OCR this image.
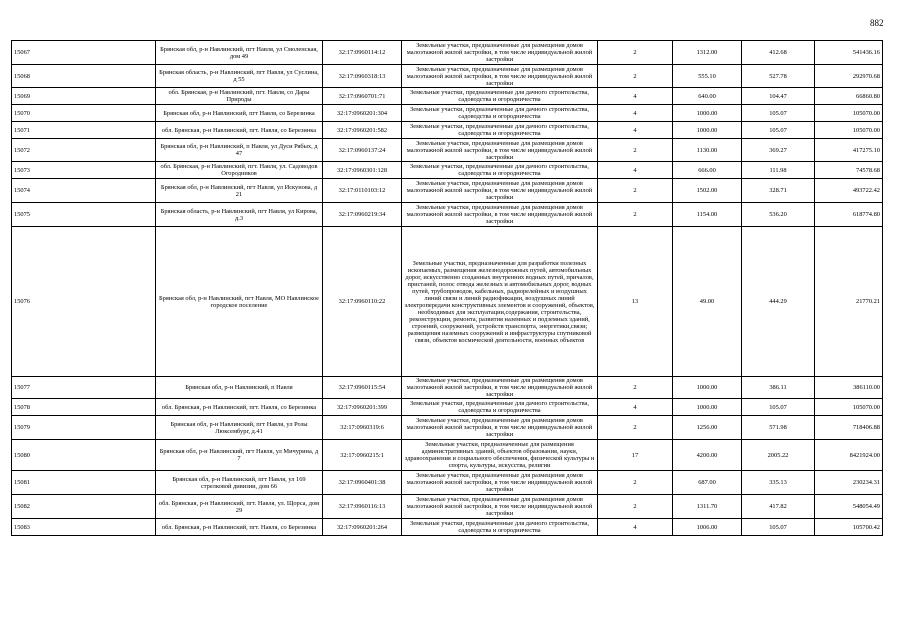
882
15067	Брянская обл, р-н Навлинский, пгт Навля, ул Смоленская, дом 49	32:17:0960114:12	Земельные участки, предназначенные для размещения домов малоэтажной жилой застройки, в том числе индивидуальной жилой застройки	2	1312.00	412.68	541436.16
15068	Брянская область, р-н Навлинский, пгт Навля, ул Суслина, д 55	32:17:0960318:13	Земельные участки, предназначенные для размещения домов малоэтажной жилой застройки, в том числе индивидуальной жилой застройки	2	555.10	527.78	292970.68
15069	обл. Брянская, р-н Навлинский, пгт. Навля, со Дары Природы	32:17:0960701:71	Земельные участки, предназначенные для дачного строительства, садоводства и огородничества	4	640.00	104.47	66860.80
15070	Брянская обл, р-н Навлинский, пгт Навля, со Березинка	32:17:0960201:304	Земельные участки, предназначенные для дачного строительства, садоводства и огородничества	4	1000.00	105.07	105070.00
15071	обл. Брянская, р-н Навлинский, пгт. Навля, со Березинка	32:17:0960201:582	Земельные участки, предназначенные для дачного строительства, садоводства и огородничества	4	1000.00	105.07	105070.00
15072	Брянская обл, р-н Навлинский, п Навля, ул Дуси Рябых, д 47	32:17:0960137:24	Земельные участки, предназначенные для размещения домов малоэтажной жилой застройки, в том числе индивидуальной жилой застройки	2	1130.00	369.27	417275.10
15073	обл. Брянская, р-н Навлинский, пгт. Навля, ул. Садоводов Огородников	32:17:0960301:128	Земельные участки, предназначенные для дачного строительства, садоводства и огородничества	4	666.00	111.98	74578.68
15074	Брянская обл, р-н Навлинский, пгт Навля, ул Искунова, д 21	32:17:0110103:12	Земельные участки, предназначенные для размещения домов малоэтажной жилой застройки, в том числе индивидуальной жилой застройки	2	1502.00	328.71	493722.42
15075	Брянская область, р-н Навлинский, пгт Навля, ул Кирова, д.3	32:17:0960219:34	Земельные участки, предназначенные для размещения домов малоэтажной жилой застройки, в том числе индивидуальной жилой застройки	2	1154.00	536.20	618774.80
15076	Брянская обл, р-н Навлинский, пгт Навля, МО Навлинское городское поселение	32:17:0960110:22	Земельные участки, предназначенные для разработки полезных ископаемых, размещения железнодорожных путей, автомобильных дорог, искусственно созданных внутренних водных путей, причалов, пристаней, полос отвода железных и автомобильных дорог, водных путей, трубопроводов, кабельных, радиорелейных и воздушных линий связи и линий радиофикации, воздушных линий электропередачи конструктивных элементов и сооружений, объектов, необходимых для эксплуатации,содержания, строительства, реконструкции, ремонта, развития наземных и подземных зданий, строений, сооружений, устройств транспорта, энергетики,связи; размещения наземных сооружений и инфраструктуры спутниковой связи, объектов космической деятельности, военных объектов	13	49.00	444.29	21770.21
15077	Брянская обл, р-н Навлинский, п Навля	32:17:0960115:54	Земельные участки, предназначенные для размещения домов малоэтажной жилой застройки, в том числе индивидуальной жилой застройки	2	1000.00	386.11	386110.00
15078	обл. Брянская, р-н Навлинский, пгт. Навля, со Березинка	32:17:0960201:399	Земельные участки, предназначенные для дачного строительства, садоводства и огородничества	4	1000.00	105.07	105070.00
15079	Брянская обл, р-н Навлинский, пгт Навля, ул Розы Люксембург, д.41	32:17:0960319:6	Земельные участки, предназначенные для размещения домов малоэтажной жилой застройки, в том числе индивидуальной жилой застройки	2	1256.00	571.98	718406.88
15080	Брянская обл, р-н Навлинский, пгт Навля, ул Мичурина, д 7	32:17:0960215:1	Земельные участки, предназначенные для размещения административных зданий, объектов образования, науки, здравоохранения и социального обеспечения, физической культуры и спорта, культуры, искусства, религии	17	4200.00	2005.22	8421924.00
15081	Брянская обл, р-н Навлинский, пгт Навля, ул 169 стрелковой дивизии, дом 66	32:17:0960401:38	Земельные участки, предназначенные для размещения домов малоэтажной жилой застройки, в том числе индивидуальной жилой застройки	2	687.00	335.13	230234.31
15082	обл. Брянская, р-н Навлинский, пгт. Навля, ул. Щорса, дом 29	32:17:0960116:13	Земельные участки, предназначенные для размещения домов малоэтажной жилой застройки, в том числе индивидуальной жилой застройки	2	1311.70	417.82	548054.49
15083	обл. Брянская, р-н Навлинский, пгт. Навля, со Березинка	32:17:0960201:264	Земельные участки, предназначенные для дачного строительства, садоводства и огородничества	4	1006.00	105.07	105700.42
